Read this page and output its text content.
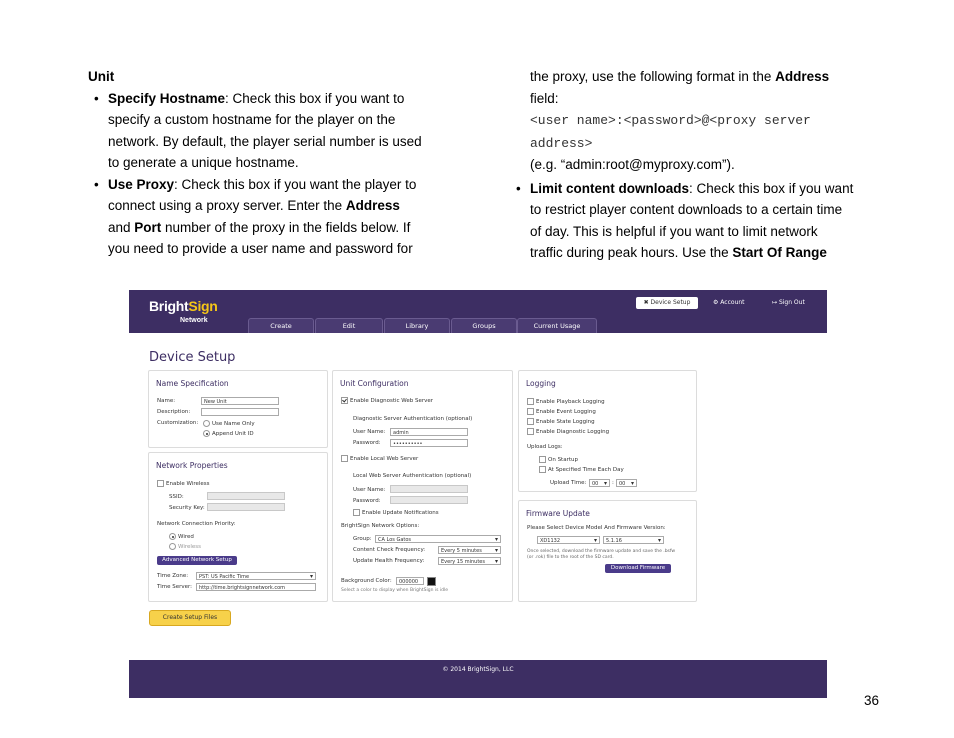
Unit

• Specify Hostname: Check this box if you want to
specify a custom hostname for the player on the
network. By default, the player serial number is used
to generate a unique hostname.
• Use Proxy: Check this box if you want the player to
connect using a proxy server. Enter the Address
and Port number of the proxy in the fields below. If
you need to provide a user name and password for

the proxy, use the following format in the Address
field:
<user name>:<password>@<proxy server
address>
(e.g. “admin:root@myproxy.com”).

• Limit content downloads: Check this box if you want
to restrict player content downloads to a certain time
of day. This is helpful if you want to limit network
traffic during peak hours. Use the Start Of Range
BrightSign
Network
✖ Device Setup	⚙ Account	↦ Sign Out
Create	Edit	Library	Groups	Current Usage
Device Setup
Name Specification
Name:	New Unit
Description:
Customization:	Use Name Only
Append Unit ID
Network Properties
Enable Wireless
SSID:
Security Key:
Network Connection Priority:
Wired
Wireless
Advanced Network Setup
Time Zone:	PST: US Pacific Time ▾
Time Server:	http://time.brightsignnetwork.com
Create Setup Files
Unit Configuration
Enable Diagnostic Web Server
Diagnostic Server Authentication (optional)
User Name:	admin
Password:	••••••••••
Enable Local Web Server
Local Web Server Authentication (optional)
User Name:
Password:
Enable Update Notifications
BrightSign Network Options:
Group:	CA Los Gatos ▾
Content Check Frequency:	Every 5 minutes ▾
Update Health Frequency:	Every 15 minutes ▾
Background Color:	000000
Select a color to display when BrightSign is idle
Logging
Enable Playback Logging
Enable Event Logging
Enable State Logging
Enable Diagnostic Logging
Upload Logs:
On Startup
At Specified Time Each Day
Upload Time:	00 ▾	:	00 ▾
Firmware Update
Please Select Device Model And Firmware Version:
XD1132 ▾	5.1.16 ▾
Once selected, download the firmware update and save the .bsfw
(or .rok) file to the root of the SD card.
Download Firmware
© 2014 BrightSign, LLC
36
